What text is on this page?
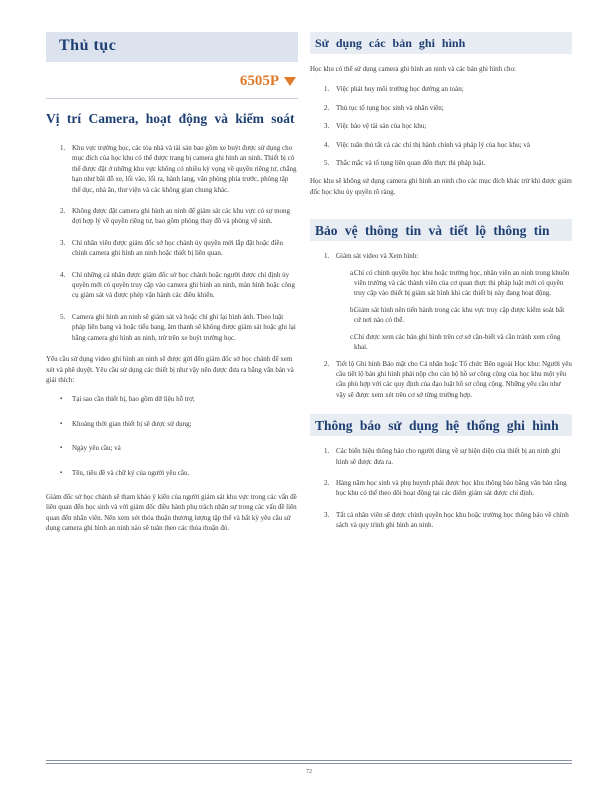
Thủ tục
6505P
Vị trí Camera, hoạt động và kiểm soát
1. Khu vực trường học, các tòa nhà và tài sản bao gồm xe buýt được sử dụng cho mục đích của học khu có thể được trang bị camera ghi hình an ninh. Thiết bị có thể được đặt ở những khu vực không có nhiều kỳ vọng về quyền riêng tư, chẳng hạn như bãi đỗ xe, lối vào, lối ra, hành lang, văn phòng phía trước, phòng tập thể dục, nhà ăn, thư viện và các không gian chung khác.
2. Không được đặt camera ghi hình an ninh để giám sát các khu vực có sự mong đợi hợp lý về quyền riêng tư, bao gồm phòng thay đồ và phòng vệ sinh.
3. Chỉ nhân viên được giám đốc sở học chánh ủy quyền mới lắp đặt hoặc điều chỉnh camera ghi hình an ninh hoặc thiết bị liên quan.
4. Chỉ những cá nhân được giám đốc sở học chánh hoặc người được chỉ định ủy quyền mới có quyền truy cập vào camera ghi hình an ninh, màn hình hoặc công cụ giám sát và được phép vận hành các điều khiển.
5. Camera ghi hình an ninh sẽ giám sát và hoặc chỉ ghi lại hình ảnh. Theo luật pháp liên bang và hoặc tiểu bang, âm thanh sẽ không được giám sát hoặc ghi lại bằng camera ghi hình an ninh, trừ trên xe buýt trường học.

Yêu cầu sử dụng video ghi hình an ninh sẽ được gửi đến giám đốc sở học chánh để xem xét và phê duyệt. Yêu cầu sử dụng các thiết bị như vậy nên được đưa ra bằng văn bản và giải thích:

▪ Tại sao cần thiết bị, bao gồm dữ liệu hỗ trợ;
▪ Khoảng thời gian thiết bị sẽ được sử dụng;
▪ Ngày yêu cầu; và
▪ Tên, tiêu đề và chữ ký của người yêu cầu.

Giám đốc sở học chánh sẽ tham khảo ý kiến của người giám sát khu vực trong các vấn đề liên quan đến học sinh và với giám đốc điều hành phụ trách nhân sự trong các vấn đề liên quan đến nhân viên. Nên xem xét thỏa thuận thương lượng tập thể và bất kỳ yêu cầu sử dụng camera ghi hình an ninh nào sẽ tuân theo các thỏa thuận đó.

Sử dụng các bản ghi hình

Học khu có thể sử dụng camera ghi hình an ninh và các bản ghi hình cho:

1. Việc phát huy môi trường học đường an toàn;
2. Thủ tục tố tụng học sinh và nhân viên;
3. Việc bảo vệ tài sản của học khu;
4. Việc tuân thủ tất cả các chỉ thị hành chính và pháp lý của học khu; và
5. Thắc mắc và tố tụng liên quan đến thực thi pháp luật.

Học khu sẽ không sử dụng camera ghi hình an ninh cho các mục đích khác trừ khi được giám đốc học khu ủy quyền rõ ràng.

Bảo vệ thông tin và tiết lộ thông tin
1. Giám sát video và Xem hình:
a. Chỉ có chính quyền học khu hoặc trường học, nhân viên an ninh trong khuôn viên trường và các thành viên của cơ quan thực thi pháp luật mới có quyền truy cập vào thiết bị giám sát hình khi các thiết bị này đang hoạt động.
b.
Giám sát hình nên tiến hành trong các khu vực truy cập được kiểm soát bất cứ nơi nào có thể.
c. Chỉ được xem các bản ghi hình trên cơ sở cần-biết và cần tránh xem công khai.
2. Tiết lộ Ghi hình Bảo mật cho Cá nhân hoặc Tổ chức Bên ngoài Học khu: Người yêu cầu tiết lộ bản ghi hình phải nộp cho cán bộ hồ sơ công cộng của học khu một yêu cầu phù hợp với các quy định của đạo luật hồ sơ công cộng. Những yêu cầu như vậy sẽ được xem xét trên cơ sở từng trường hợp.
Thông báo sử dụng hệ thống ghi hình
1. Các biển hiệu thông báo cho người dùng về sự hiện diện của thiết bị an ninh ghi hình sẽ được đưa ra.
2. Hàng năm học sinh và phụ huynh phải được học khu thông báo bằng văn bản rằng học khu có thể theo dõi hoạt động tại các điểm giám sát được chỉ định.
3. Tất cả nhân viên sẽ được chính quyền học khu hoặc trường học thông báo về chính sách và quy trình ghi hình an ninh.
72
